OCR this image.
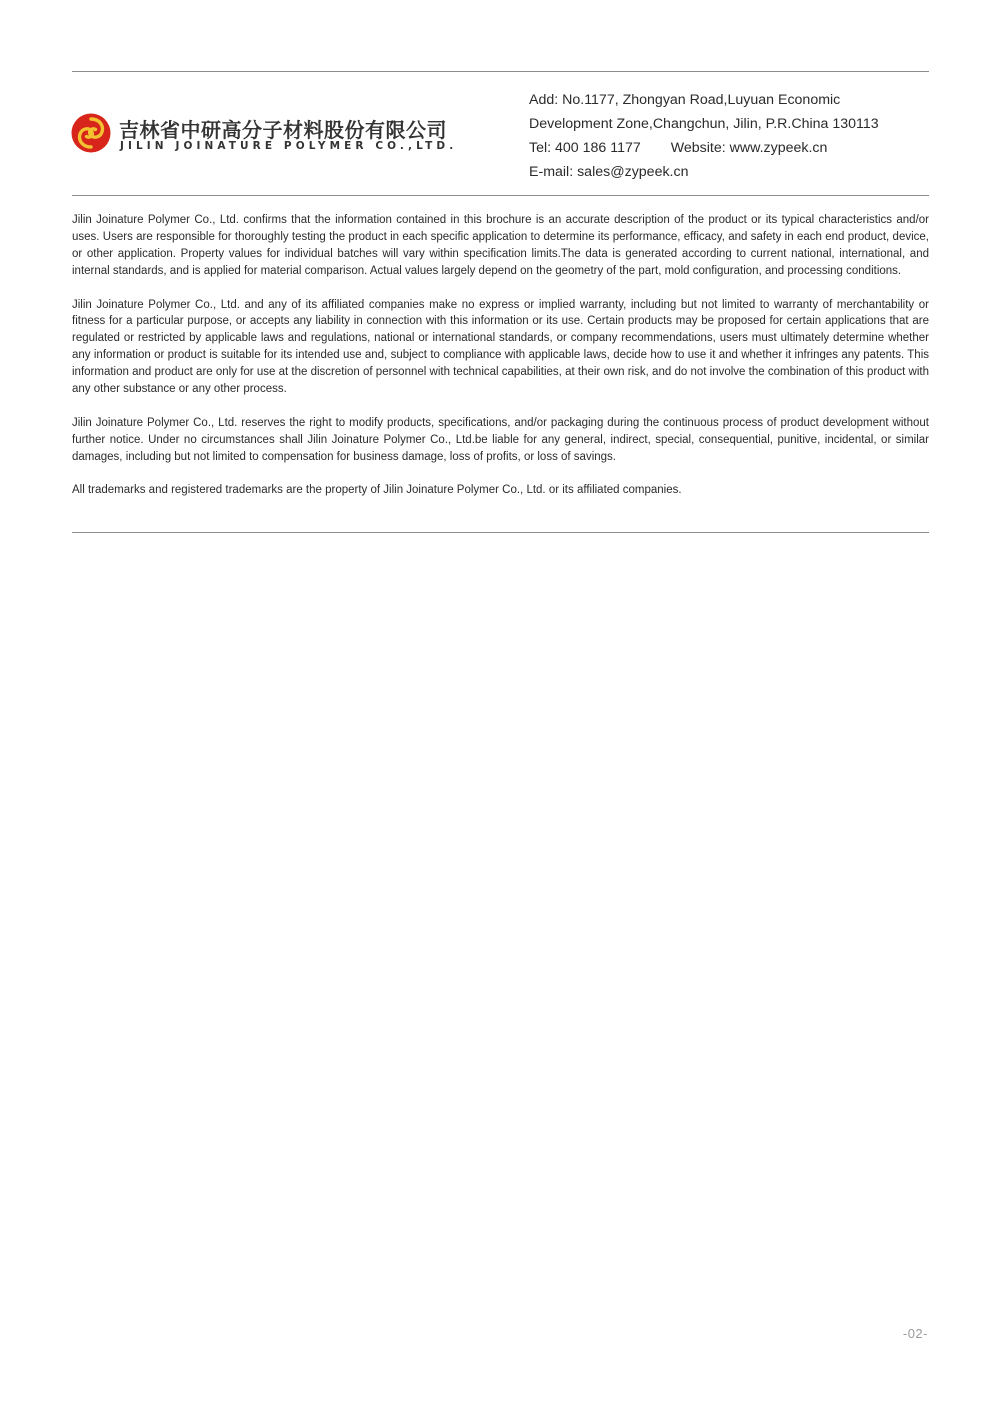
吉林省中研高分子材料股份有限公司
JILIN JOINATURE POLYMER CO.,LTD.
Add: No.1177, Zhongyan Road,Luyuan Economic
Development Zone,Changchun, Jilin, P.R.China 130113
Tel: 400 186 1177 Website: www.zypeek.cn
E-mail: sales@zypeek.cn

Jilin Joinature Polymer Co., Ltd. confirms that the information contained in this brochure is an accurate description of the product or its typical characteristics and/or uses. Users are responsible for thoroughly testing the product in each specific application to determine its performance, efficacy, and safety in each end product, device, or other application. Property values for individual batches will vary within specification limits.The data is generated according to current national, international, and internal standards, and is applied for material comparison. Actual values largely depend on the geometry of the part, mold configuration, and processing conditions.

Jilin Joinature Polymer Co., Ltd. and any of its affiliated companies make no express or implied warranty, including but not limited to warranty of merchantability or fitness for a particular purpose, or accepts any liability in connection with this information or its use. Certain products may be proposed for certain applications that are regulated or restricted by applicable laws and regulations, national or international standards, or company recommendations, users must ultimately determine whether any information or product is suitable for its intended use and, subject to compliance with applicable laws, decide how to use it and whether it infringes any patents. This information and product are only for use at the discretion of personnel with technical capabilities, at their own risk, and do not involve the combination of this product with any other substance or any other process.

Jilin Joinature Polymer Co., Ltd. reserves the right to modify products, specifications, and/or packaging during the continuous process of product development without further notice. Under no circumstances shall Jilin Joinature Polymer Co., Ltd.be liable for any general, indirect, special, consequential, punitive, incidental, or similar damages, including but not limited to compensation for business damage, loss of profits, or loss of savings.

All trademarks and registered trademarks are the property of Jilin Joinature Polymer Co., Ltd. or its affiliated companies.

-02-
